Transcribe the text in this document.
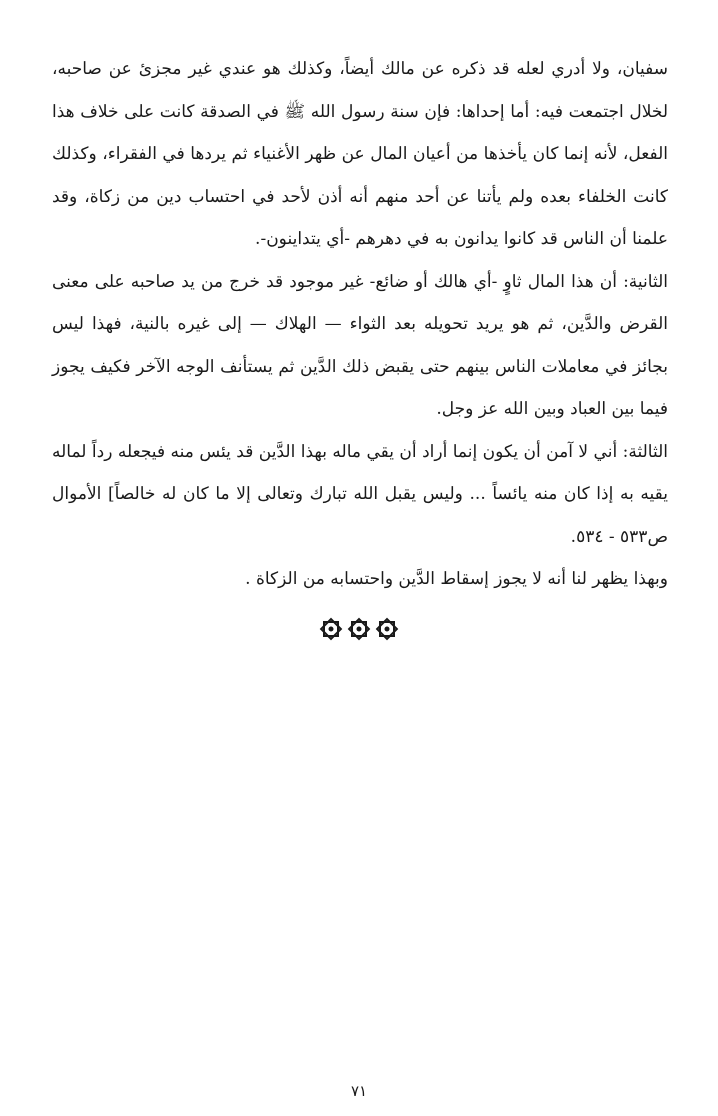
سفيان، ولا أدري لعله قد ذكره عن مالك أيضاً، وكذلك هو عندي غير مجزئ عن صاحبه، لخلال اجتمعت فيه: أما إحداها: فإن سنة رسول الله ﷺ في الصدقة كانت على خلاف هذا الفعل، لأنه إنما كان يأخذها من أعيان المال عن ظهر الأغنياء ثم يردها في الفقراء، وكذلك كانت الخلفاء بعده ولم يأتنا عن أحد منهم أنه أذن لأحد في احتساب دين من زكاة، وقد علمنا أن الناس قد كانوا يدانون به في دهرهم -أي يتداينون-.

الثانية: أن هذا المال ثاوٍ -أي هالك أو ضائع- غير موجود قد خرج من يد صاحبه على معنى القرض والدَّين، ثم هو يريد تحويله بعد الثواء — الهلاك — إلى غيره بالنية، فهذا ليس بجائز في معاملات الناس بينهم حتى يقبض ذلك الدَّين ثم يستأنف الوجه الآخر فكيف يجوز فيما بين العباد وبين الله عز وجل.

الثالثة: أني لا آمن أن يكون إنما أراد أن يقي ماله بهذا الدَّين قد يئس منه فيجعله رداً لماله يقيه به إذا كان منه يائساً ... وليس يقبل الله تبارك وتعالى إلا ما كان له خالصاً] الأموال ص٥٣٣ - ٥٣٤.

وبهذا يظهر لنا أنه لا يجوز إسقاط الدَّين واحتسابه من الزكاة .

٧١
